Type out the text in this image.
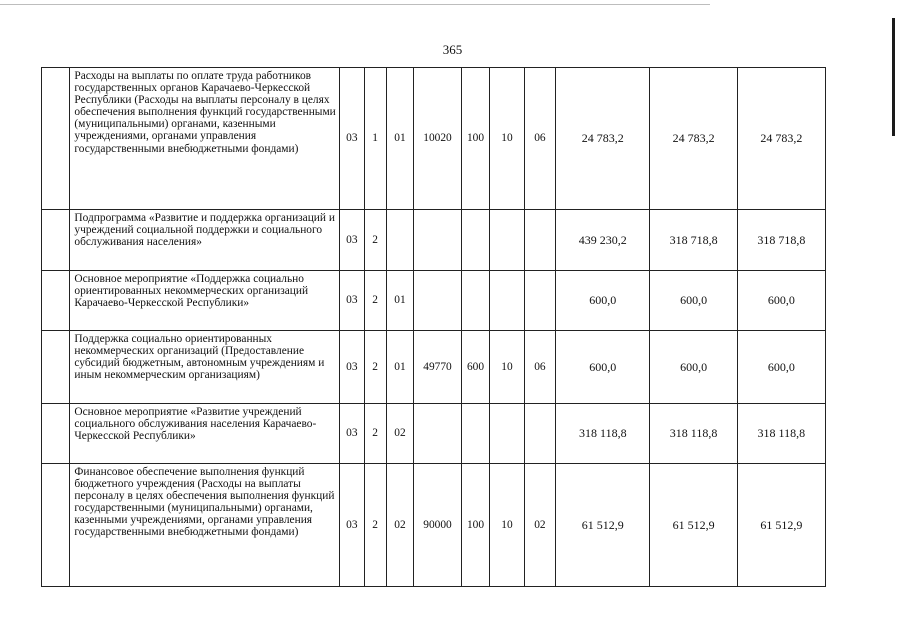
365
	Расходы на выплаты по оплате труда работников государственных органов Карачаево-Черкесской Республики (Расходы на выплаты персоналу в целях обеспечения выполнения функций государственными (муниципальными) органами, казенными учреждениями, органами управления государственными внебюджетными фондами)	03	1	01	10020	100	10	06	24 783,2	24 783,2	24 783,2
	Подпрограмма «Развитие и поддержка организаций и учреждений социальной поддержки и социального обслуживания населения»	03	2						439 230,2	318 718,8	318 718,8
	Основное мероприятие «Поддержка социально ориентированных некоммерческих организаций Карачаево-Черкесской Республики»	03	2	01					600,0	600,0	600,0
	Поддержка социально ориентированных некоммерческих организаций (Предоставление субсидий бюджетным, автономным учреждениям и иным некоммерческим организациям)	03	2	01	49770	600	10	06	600,0	600,0	600,0
	Основное мероприятие «Развитие учреждений социального обслуживания населения Карачаево-Черкесской Республики»	03	2	02					318 118,8	318 118,8	318 118,8
	Финансовое обеспечение выполнения функций бюджетного учреждения (Расходы на выплаты персоналу в целях обеспечения выполнения функций государственными (муниципальными) органами, казенными учреждениями, органами управления государственными внебюджетными фондами)	03	2	02	90000	100	10	02	61 512,9	61 512,9	61 512,9
